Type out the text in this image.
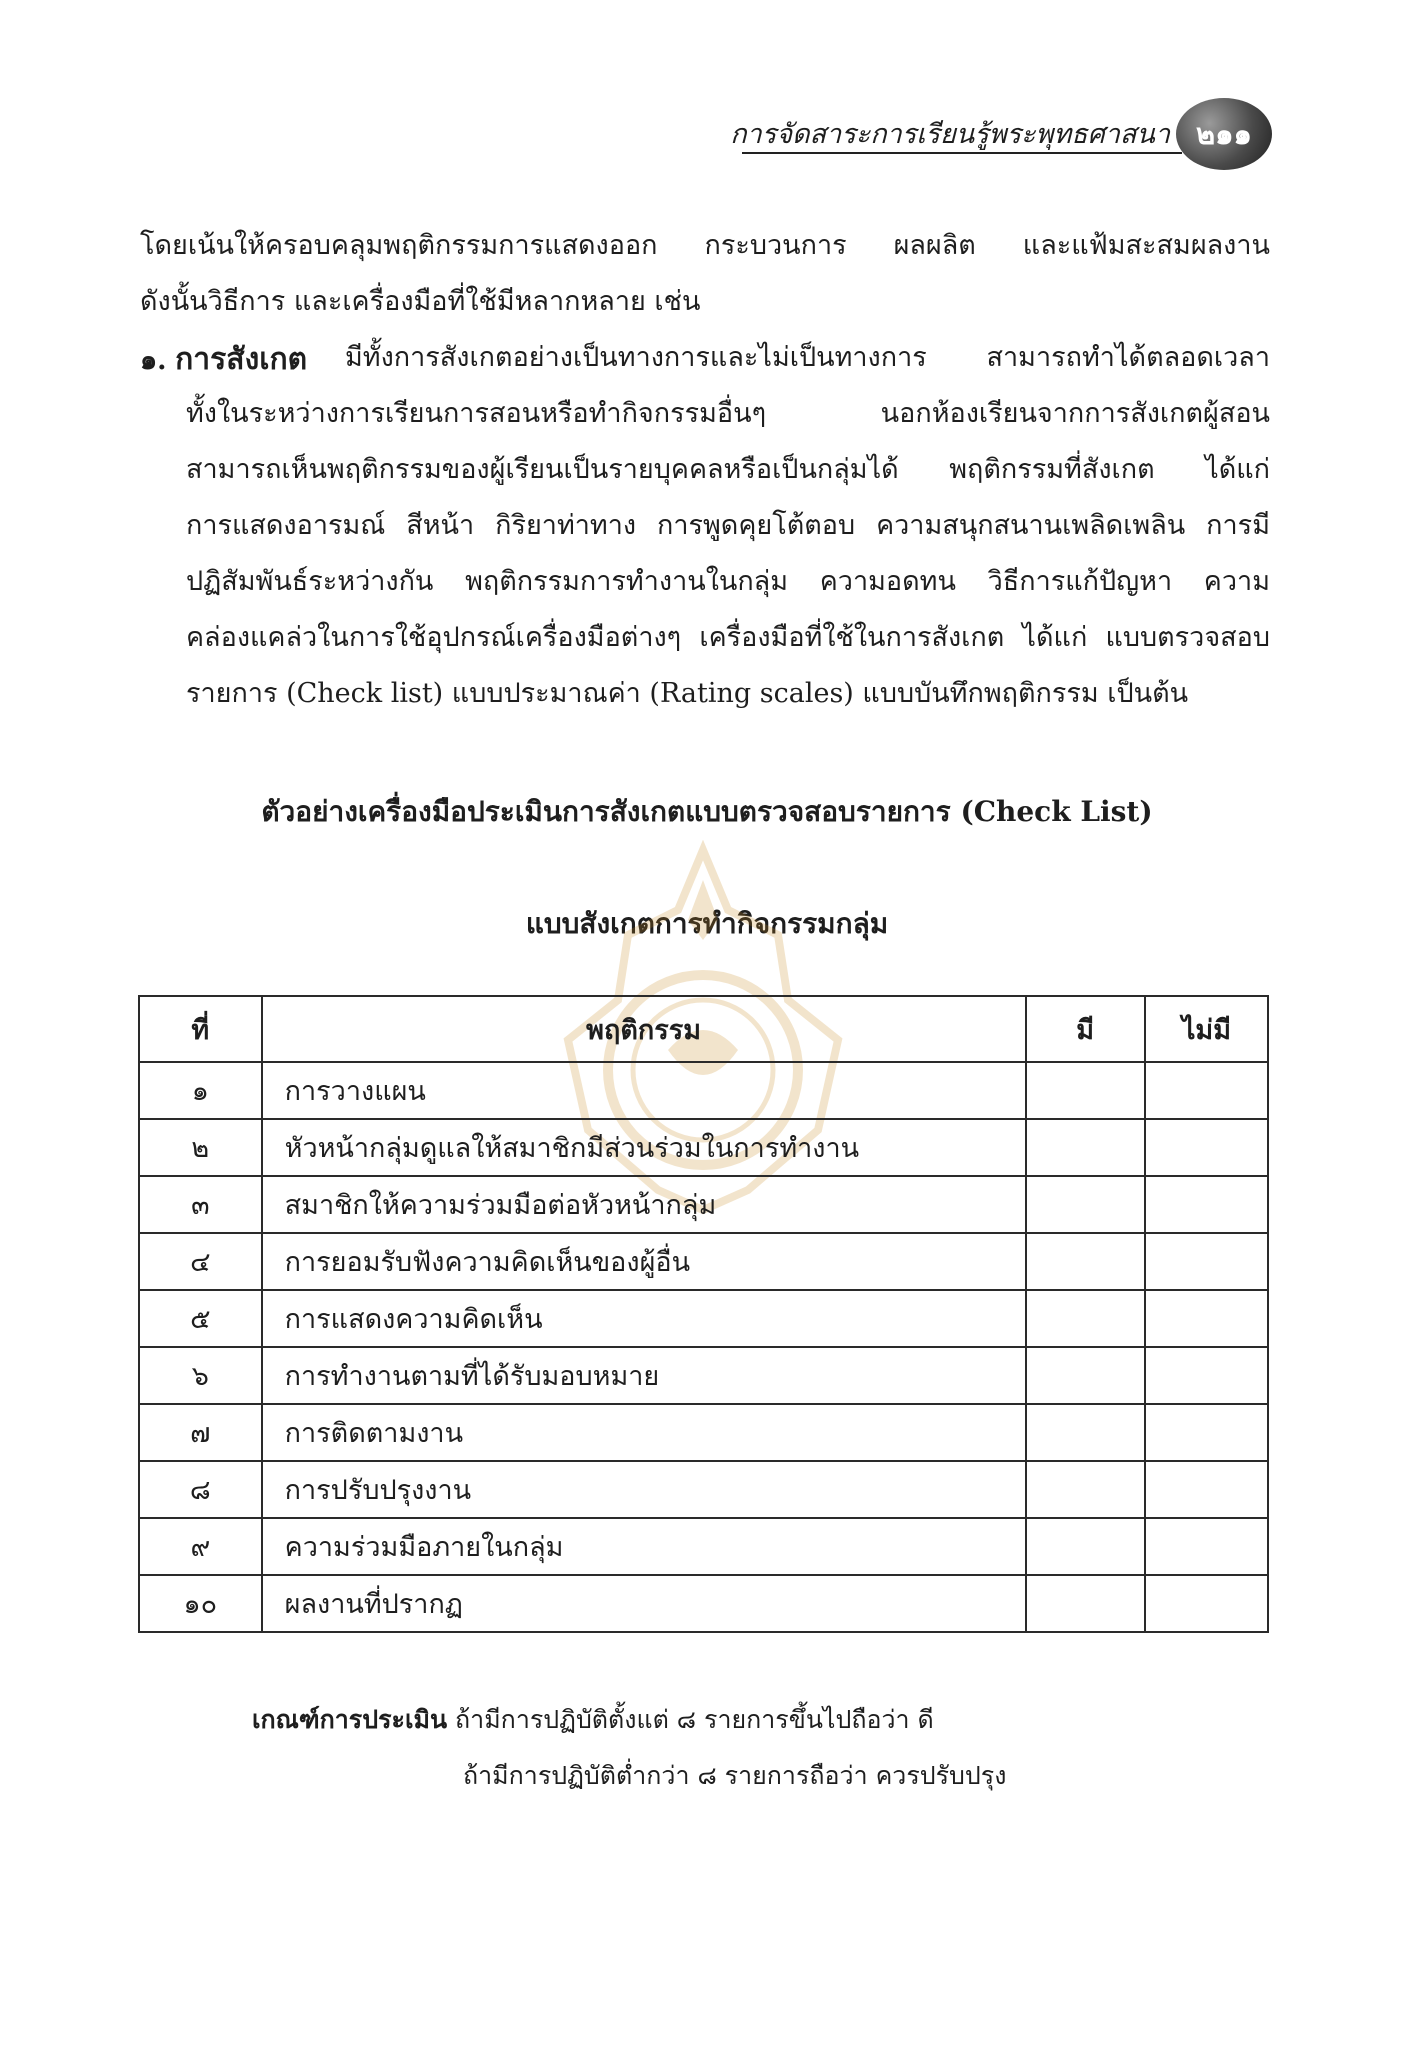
การจัดสาระการเรียนรู้พระพุทธศาสนา ๒๑๑
โดยเน้นให้ครอบคลุมพฤติกรรมการแสดงออก กระบวนการ ผลผลิต และแฟ้มสะสมผลงาน
ดังนั้นวิธีการ และเครื่องมือที่ใช้มีหลากหลาย เช่น
๑. การสังเกต มีทั้งการสังเกตอย่างเป็นทางการและไม่เป็นทางการ สามารถทำได้ตลอดเวลา
ทั้งในระหว่างการเรียนการสอนหรือทำกิจกรรมอื่นๆ นอกห้องเรียนจากการสังเกตผู้สอน
สามารถเห็นพฤติกรรมของผู้เรียนเป็นรายบุคคลหรือเป็นกลุ่มได้ พฤติกรรมที่สังเกต ได้แก่
การแสดงอารมณ์ สีหน้า กิริยาท่าทาง การพูดคุยโต้ตอบ ความสนุกสนานเพลิดเพลิน การมี
ปฏิสัมพันธ์ระหว่างกัน พฤติกรรมการทำงานในกลุ่ม ความอดทน วิธีการแก้ปัญหา ความ
คล่องแคล่วในการใช้อุปกรณ์เครื่องมือต่างๆ เครื่องมือที่ใช้ในการสังเกต ได้แก่ แบบตรวจสอบ
รายการ (Check list) แบบประมาณค่า (Rating scales) แบบบันทึกพฤติกรรม เป็นต้น
ตัวอย่างเครื่องมือประเมินการสังเกตแบบตรวจสอบรายการ (Check List)
แบบสังเกตการทำกิจกรรมกลุ่ม
ที่	พฤติกรรม	มี	ไม่มี
๑	การวางแผน		
๒	หัวหน้ากลุ่มดูแลให้สมาชิกมีส่วนร่วมในการทำงาน		
๓	สมาชิกให้ความร่วมมือต่อหัวหน้ากลุ่ม		
๔	การยอมรับฟังความคิดเห็นของผู้อื่น		
๕	การแสดงความคิดเห็น		
๖	การทำงานตามที่ได้รับมอบหมาย		
๗	การติดตามงาน		
๘	การปรับปรุงงาน		
๙	ความร่วมมือภายในกลุ่ม		
๑๐	ผลงานที่ปรากฏ		
เกณฑ์การประเมิน ถ้ามีการปฏิบัติตั้งแต่ ๘ รายการขึ้นไปถือว่า ดี
ถ้ามีการปฏิบัติต่ำกว่า ๘ รายการถือว่า ควรปรับปรุง
